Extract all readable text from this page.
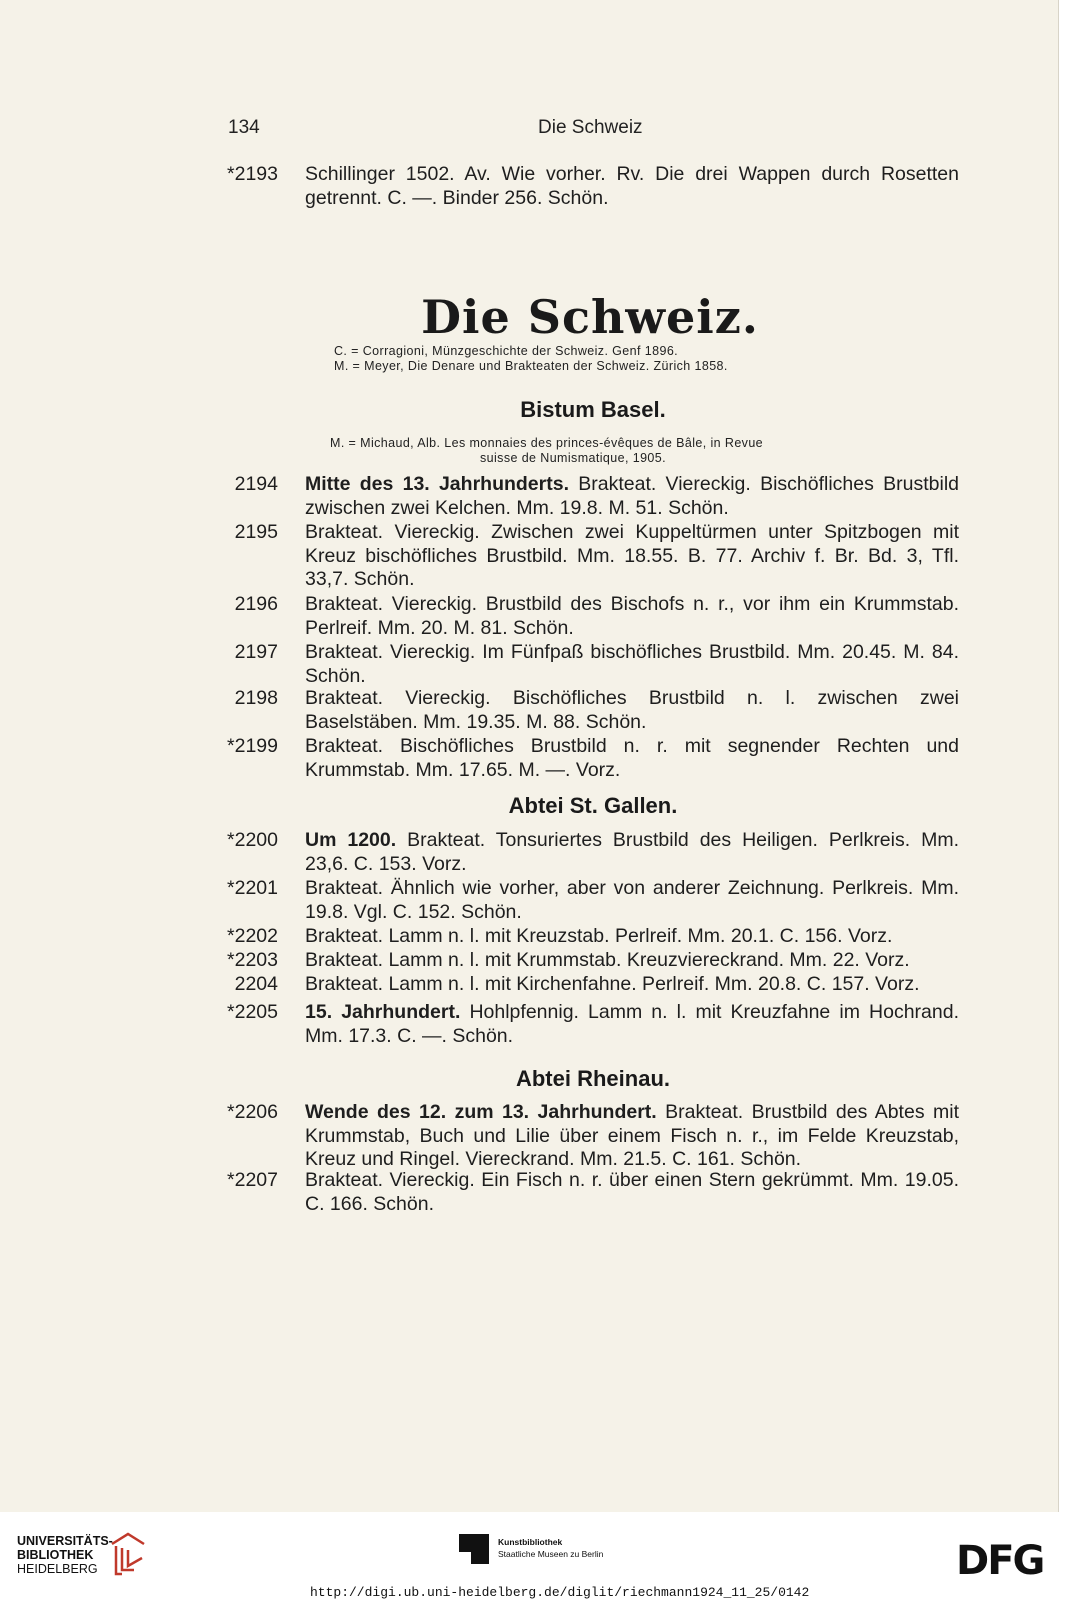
134	Die Schweiz
*2193 Schillinger 1502. Av. Wie vorher. Rv. Die drei Wappen durch Rosetten getrennt. C. —. Binder 256. Schön.
Die Schweiz.
C. = Corragioni, Münzgeschichte der Schweiz. Genf 1896.
M. = Meyer, Die Denare und Brakteaten der Schweiz. Zürich 1858.
Bistum Basel.
M. = Michaud, Alb. Les monnaies des princes-évêques de Bâle, in Revue
suisse de Numismatique, 1905.
2194 Mitte des 13. Jahrhunderts. Brakteat. Viereckig. Bischöfliches Brustbild zwischen zwei Kelchen. Mm. 19.8. M. 51. Schön.
2195 Brakteat. Viereckig. Zwischen zwei Kuppeltürmen unter Spitzbogen mit Kreuz bischöfliches Brustbild. Mm. 18.55. B. 77. Archiv f. Br. Bd. 3, Tfl. 33,7. Schön.
2196 Brakteat. Viereckig. Brustbild des Bischofs n. r., vor ihm ein Krummstab. Perlreif. Mm. 20. M. 81. Schön.
2197 Brakteat. Viereckig. Im Fünfpaß bischöfliches Brustbild. Mm. 20.45. M. 84. Schön.
2198 Brakteat. Viereckig. Bischöfliches Brustbild n. l. zwischen zwei Baselstäben. Mm. 19.35. M. 88. Schön.
*2199 Brakteat. Bischöfliches Brustbild n. r. mit segnender Rechten und Krummstab. Mm. 17.65. M. —. Vorz.
Abtei St. Gallen.
*2200 Um 1200. Brakteat. Tonsuriertes Brustbild des Heiligen. Perlkreis. Mm. 23,6. C. 153. Vorz.
*2201 Brakteat. Ähnlich wie vorher, aber von anderer Zeichnung. Perlkreis. Mm. 19.8. Vgl. C. 152. Schön.
*2202 Brakteat. Lamm n. l. mit Kreuzstab. Perlreif. Mm. 20.1. C. 156. Vorz.
*2203 Brakteat. Lamm n. l. mit Krummstab. Kreuzviereckrand. Mm. 22. Vorz.
2204 Brakteat. Lamm n. l. mit Kirchenfahne. Perlreif. Mm. 20.8. C. 157. Vorz.
*2205 15. Jahrhundert. Hohlpfennig. Lamm n. l. mit Kreuzfahne im Hochrand. Mm. 17.3. C. —. Schön.
Abtei Rheinau.
*2206 Wende des 12. zum 13. Jahrhundert. Brakteat. Brustbild des Abtes mit Krummstab, Buch und Lilie über einem Fisch n. r., im Felde Kreuzstab, Kreuz und Ringel. Viereckrand. Mm. 21.5. C. 161. Schön.
*2207 Brakteat. Viereckig. Ein Fisch n. r. über einen Stern gekrümmt. Mm. 19.05. C. 166. Schön.
UNIVERSITÄTS-
BIBLIOTHEK
HEIDELBERG
Kunstbibliothek
Staatliche Museen zu Berlin	DFG
http://digi.ub.uni-heidelberg.de/diglit/riechmann1924_11_25/0142
